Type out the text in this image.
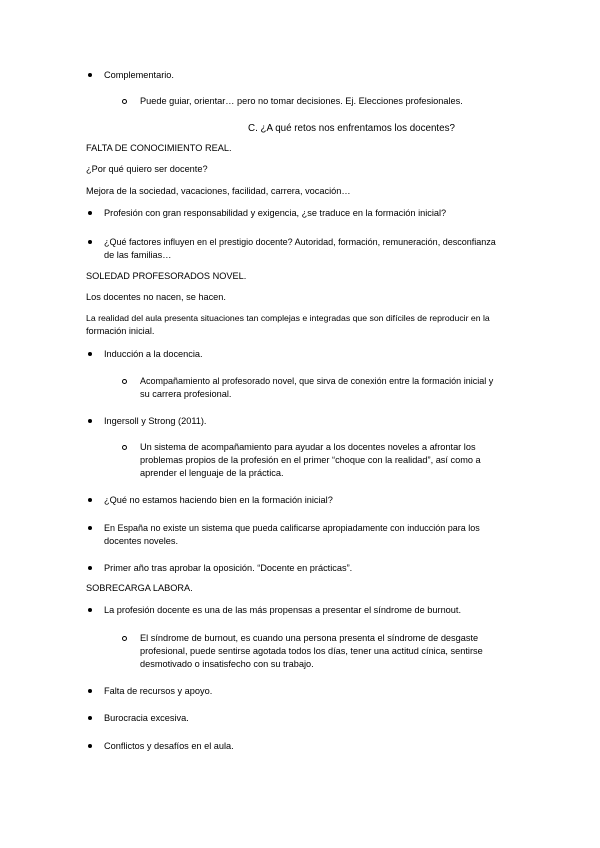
Complementario.
Puede guiar, orientar… pero no tomar decisiones. Ej. Elecciones profesionales.
C. ¿A qué retos nos enfrentamos los docentes?
FALTA DE CONOCIMIENTO REAL.
¿Por qué quiero ser docente?
Mejora de la sociedad, vacaciones, facilidad, carrera, vocación…
Profesión con gran responsabilidad y exigencia, ¿se traduce en la formación inicial?
¿Qué factores influyen en el prestigio docente? Autoridad, formación, remuneración, desconfianza
de las familias…
SOLEDAD PROFESORADOS NOVEL.
Los docentes no nacen, se hacen.
La realidad del aula presenta situaciones tan complejas e integradas que son difíciles de reproducir en la
formación inicial.
Inducción a la docencia.
Acompañamiento al profesorado novel, que sirva de conexión entre la formación inicial y
su carrera profesional.
Ingersoll y Strong (2011).
Un sistema de acompañamiento para ayudar a los docentes noveles a afrontar los
problemas propios de la profesión en el primer “choque con la realidad”, así como a
aprender el lenguaje de la práctica.
¿Qué no estamos haciendo bien en la formación inicial?
En España no existe un sistema que pueda calificarse apropiadamente con inducción para los
docentes noveles.
Primer año tras aprobar la oposición. “Docente en prácticas”.
SOBRECARGA LABORA.
La profesión docente es una de las más propensas a presentar el síndrome de burnout.
El síndrome de burnout, es cuando una persona presenta el síndrome de desgaste
profesional, puede sentirse agotada todos los días, tener una actitud cínica, sentirse
desmotivado o insatisfecho con su trabajo.
Falta de recursos y apoyo.
Burocracia excesiva.
Conflictos y desafíos en el aula.
